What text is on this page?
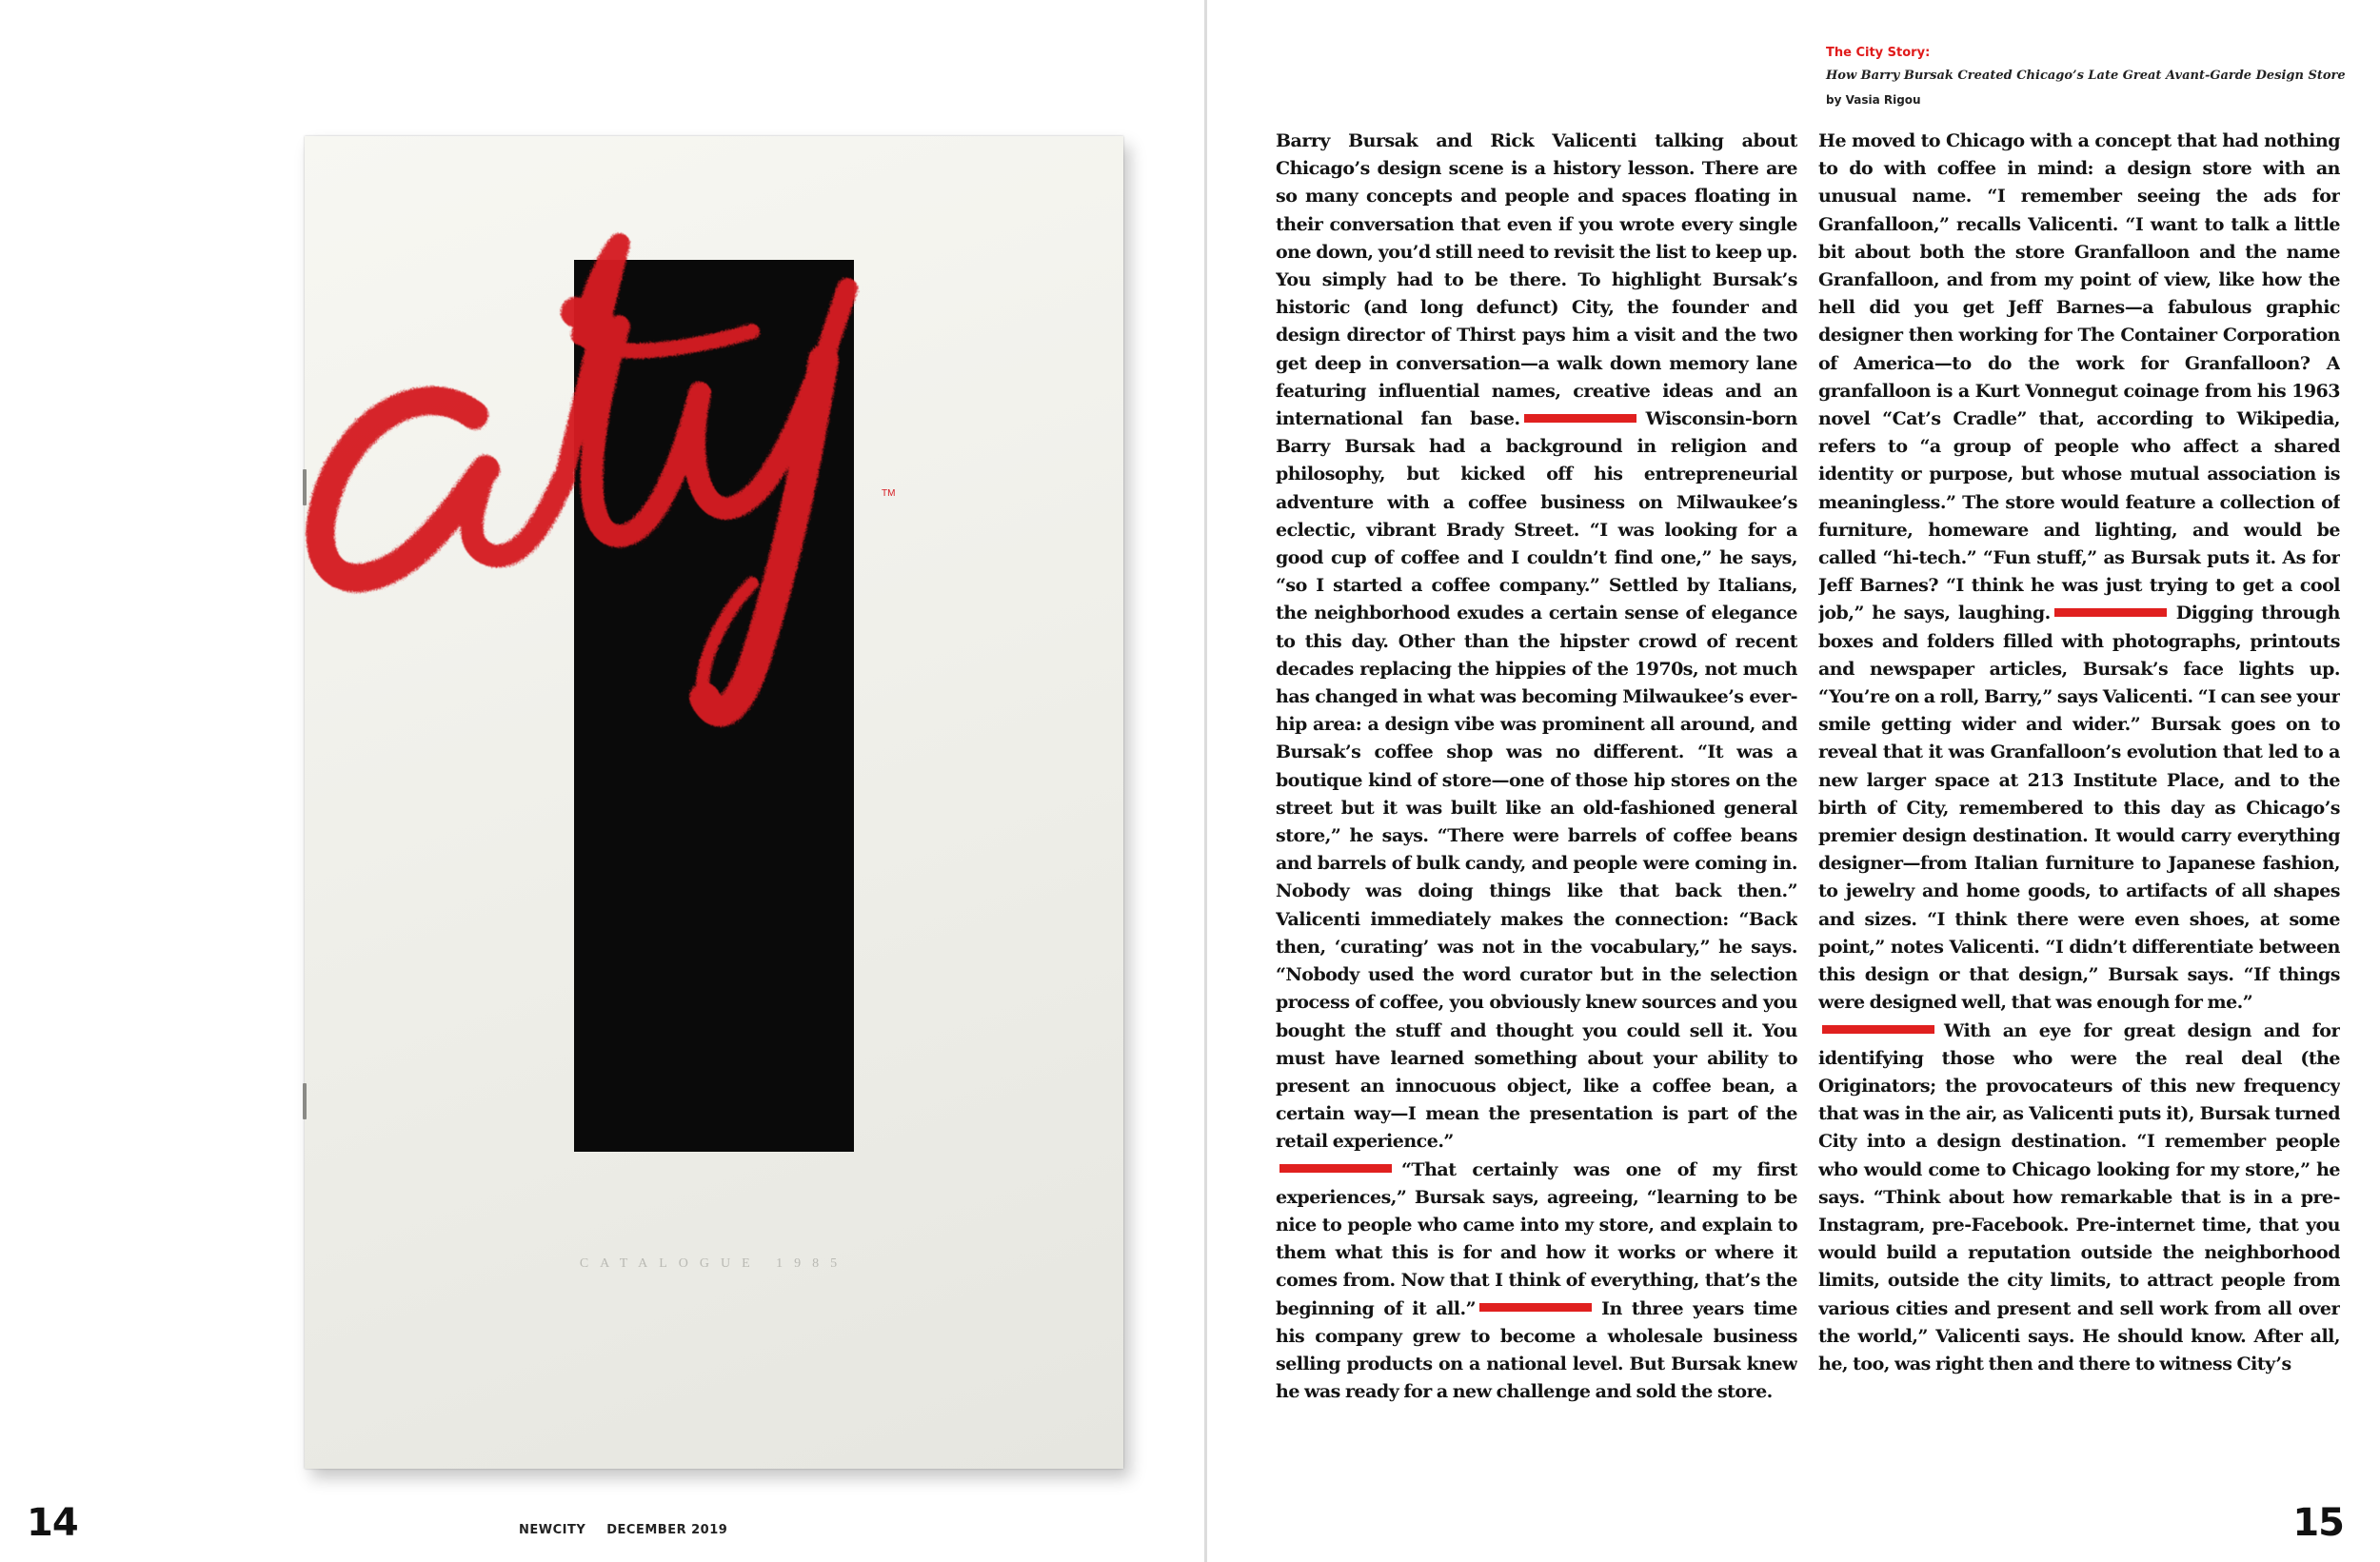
TM
CATALOGUE 1985
The City Story:
How Barry Bursak Created Chicago’s Late Great Avant-Garde Design Store
by Vasia Rigou

Barry Bursak and Rick Valicenti talking about Chicago’s design scene is a history lesson. There are so many concepts and people and spaces floating in their conversation that even if you wrote every single one down, you’d still need to revisit the list to keep up. You simply had to be there. To highlight Bursak’s historic (and long defunct) City, the founder and design director of Thirst pays him a visit and the two get deep in conversation—a walk down memory lane featuring influential names, creative ideas and an international fan base.	Wisconsin-born Barry Bursak had a background in religion and philosophy, but kicked off his entrepreneurial adventure with a coffee business on Milwaukee’s eclectic, vibrant Brady Street. “I was looking for a good cup of coffee and I couldn’t find one,” he says, “so I started a coffee company.” Settled by Italians, the neighborhood exudes a certain sense of elegance to this day. Other than the hipster crowd of recent decades replacing the hippies of the 1970s, not much has changed in what was becoming Milwaukee’s ever-hip area: a design vibe was prominent all around, and Bursak’s coffee shop was no different. “It was a boutique kind of store—one of those hip stores on the street but it was built like an old-fashioned general store,” he says. “There were barrels of coffee beans and barrels of bulk candy, and people were coming in. Nobody was doing things like that back then.” Valicenti immediately makes the connection: “Back then, ‘curating’ was not in the vocabulary,” he says. “Nobody used the word curator but in the selection process of coffee, you obviously knew sources and you bought the stuff and thought you could sell it. You must have learned something about your ability to present an innocuous object, like a coffee bean, a certain way—I mean the presentation is part of the retail experience.”
“That certainly was one of my first experiences,” Bursak says, agreeing, “learning to be nice to people who came into my store, and explain to them what this is for and how it works or where it comes from. Now that I think of everything, that’s the beginning of it all.”	In three years time his company grew to become a wholesale business selling products on a national level. But Bursak knew he was ready for a new challenge and sold the store.

He moved to Chicago with a concept that had nothing to do with coffee in mind: a design store with an unusual name. “I remember seeing the ads for Granfalloon,” recalls Valicenti. “I want to talk a little bit about both the store Granfalloon and the name Granfalloon, and from my point of view, like how the hell did you get Jeff Barnes—a fabulous graphic designer then working for The Container Corporation of America—to do the work for Granfalloon? A granfalloon is a Kurt Vonnegut coinage from his 1963 novel “Cat’s Cradle” that, according to Wikipedia, refers to “a group of people who affect a shared identity or purpose, but whose mutual association is meaningless.” The store would feature a collection of furniture, homeware and lighting, and would be called “hi-tech.” “Fun stuff,” as Bursak puts it. As for Jeff Barnes? “I think he was just trying to get a cool job,” he says, laughing.	Digging through boxes and folders filled with photographs, printouts and newspaper articles, Bursak’s face lights up. “You’re on a roll, Barry,” says Valicenti. “I can see your smile getting wider and wider.” Bursak goes on to reveal that it was Granfalloon’s evolution that led to a new larger space at 213 Institute Place, and to the birth of City, remembered to this day as Chicago’s premier design destination. It would carry everything designer—from Italian furniture to Japanese fashion, to jewelry and home goods, to artifacts of all shapes and sizes. “I think there were even shoes, at some point,” notes Valicenti. “I didn’t differentiate between this design or that design,” Bursak says. “If things were designed well, that was enough for me.”
With an eye for great design and for identifying those who were the real deal (the Originators; the provocateurs of this new frequency that was in the air, as Valicenti puts it), Bursak turned City into a design destination. “I remember people who would come to Chicago looking for my store,” he says. “Think about how remarkable that is in a pre-Instagram, pre-Facebook. Pre-internet time, that you would build a reputation outside the neighborhood limits, outside the city limits, to attract people from various cities and present and sell work from all over the world,” Valicenti says. He should know. After all, he, too, was right then and there to witness City’s

14	NEWCITY DECEMBER 2019	15
